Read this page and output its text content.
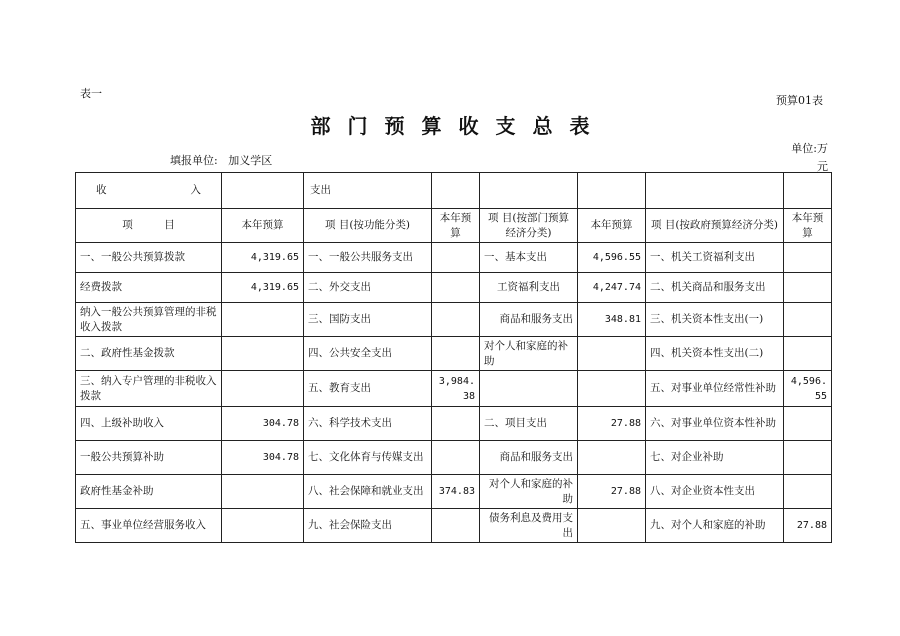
表一
预算01表
部门预算收支总表
填报单位: 加义学区
单位:万元
收　　　　　　　　入		支出					
项　　　目	本年预算	项 目(按功能分类)	本年预算	项 目(按部门预算经济分类)	本年预算	项 目(按政府预算经济分类)	本年预算
一、一般公共预算拨款	4,319.65	一、一般公共服务支出		一、基本支出	4,596.55	一、机关工资福利支出	
经费拨款	4,319.65	二、外交支出		工资福利支出	4,247.74	二、机关商品和服务支出	
纳入一般公共预算管理的非税收入拨款		三、国防支出		商品和服务支出	348.81	三、机关资本性支出(一)	
二、政府性基金拨款		四、公共安全支出		对个人和家庭的补助		四、机关资本性支出(二)	
三、纳入专户管理的非税收入拨款		五、教育支出	3,984.38			五、对事业单位经常性补助	4,596.55
四、上级补助收入	304.78	六、科学技术支出		二、项目支出	27.88	六、对事业单位资本性补助	
一般公共预算补助	304.78	七、文化体育与传媒支出		商品和服务支出		七、对企业补助	
政府性基金补助		八、社会保障和就业支出	374.83	对个人和家庭的补助	27.88	八、对企业资本性支出	
五、事业单位经营服务收入		九、社会保险支出		债务利息及费用支出		九、对个人和家庭的补助	27.88
